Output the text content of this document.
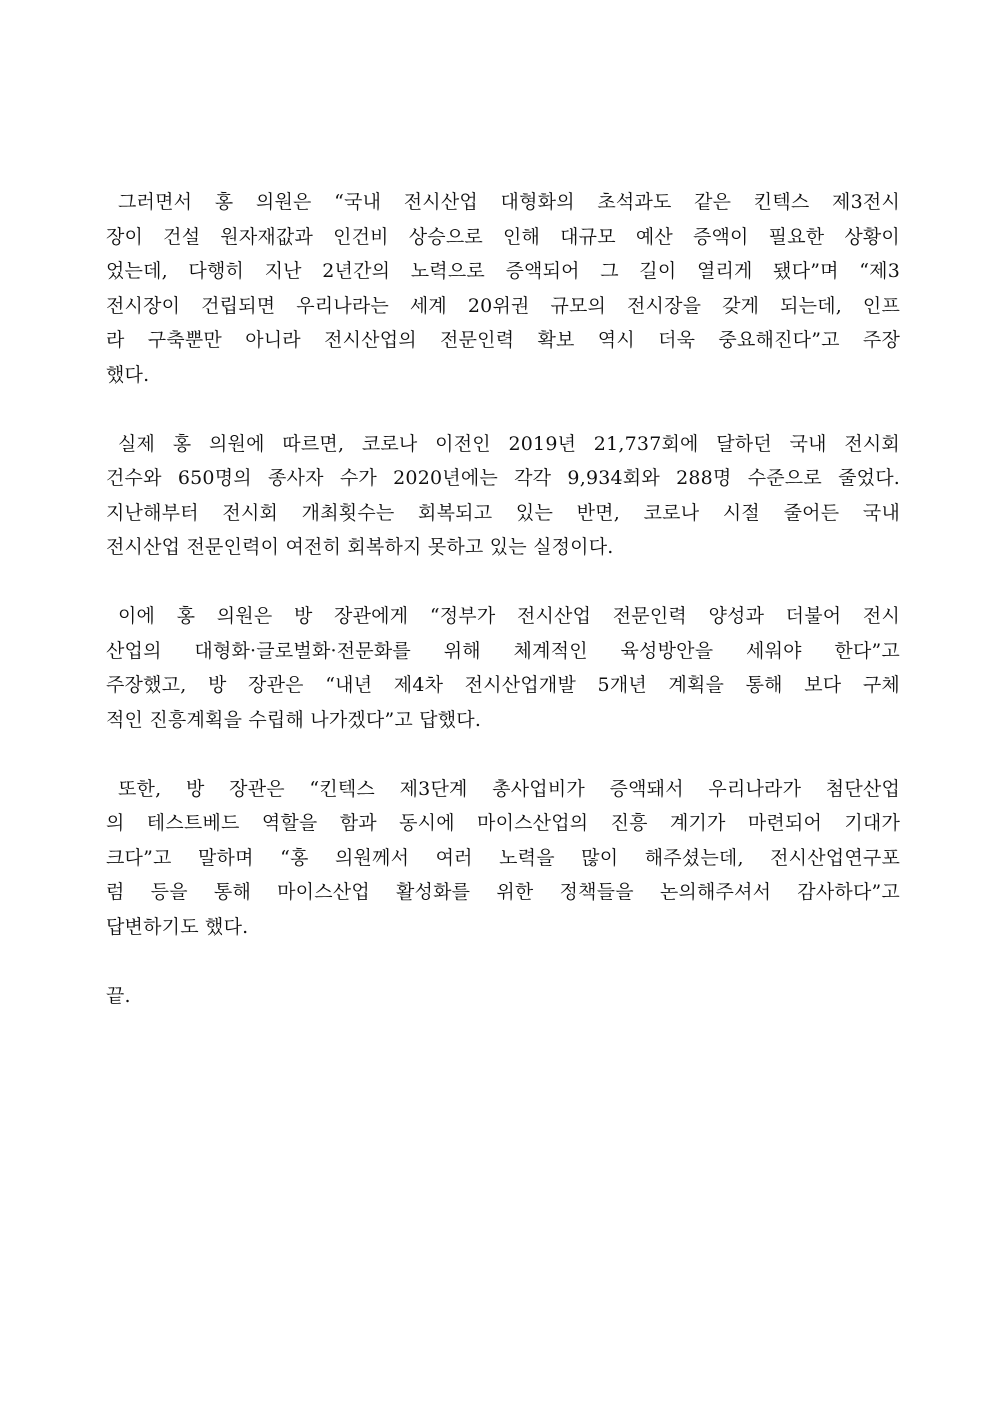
그러면서 홍 의원은 “국내 전시산업 대형화의 초석과도 같은 킨텍스 제3전시
장이 건설 원자재값과 인건비 상승으로 인해 대규모 예산 증액이 필요한 상황이
었는데, 다행히 지난 2년간의 노력으로 증액되어 그 길이 열리게 됐다”며 “제3
전시장이 건립되면 우리나라는 세계 20위권 규모의 전시장을 갖게 되는데, 인프
라 구축뿐만 아니라 전시산업의 전문인력 확보 역시 더욱 중요해진다”고 주장
했다.
실제 홍 의원에 따르면, 코로나 이전인 2019년 21,737회에 달하던 국내 전시회
건수와 650명의 종사자 수가 2020년에는 각각 9,934회와 288명 수준으로 줄었다.
지난해부터 전시회 개최횟수는 회복되고 있는 반면, 코로나 시절 줄어든 국내
전시산업 전문인력이 여전히 회복하지 못하고 있는 실정이다.
이에 홍 의원은 방 장관에게 “정부가 전시산업 전문인력 양성과 더불어 전시
산업의 대형화·글로벌화·전문화를 위해 체계적인 육성방안을 세워야 한다”고
주장했고, 방 장관은 “내년 제4차 전시산업개발 5개년 계획을 통해 보다 구체
적인 진흥계획을 수립해 나가겠다”고 답했다.
또한, 방 장관은 “킨텍스 제3단계 총사업비가 증액돼서 우리나라가 첨단산업
의 테스트베드 역할을 함과 동시에 마이스산업의 진흥 계기가 마련되어 기대가
크다”고 말하며 “홍 의원께서 여러 노력을 많이 해주셨는데, 전시산업연구포
럼 등을 통해 마이스산업 활성화를 위한 정책들을 논의해주셔서 감사하다”고
답변하기도 했다.

끝.
